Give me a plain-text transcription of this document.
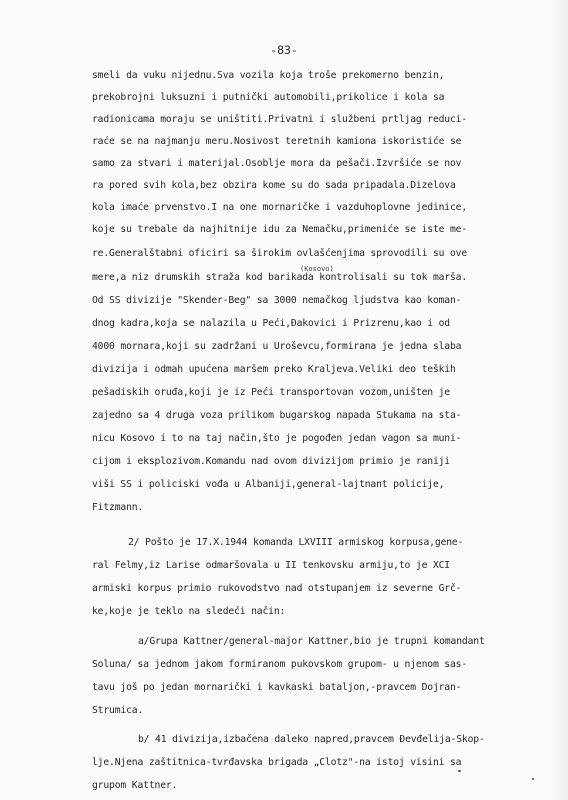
-83-
(Kosovo)
smeli da vuku nijednu.Sva vozila koja troše prekomerno benzin,
prekobrojni luksuzni i putnički automobili,prikolice i kola sa
radionicama moraju se uništiti.Privatni i službeni prtljag reduci-
raće se na najmanju meru.Nosivost teretnih kamiona iskoristiće se
samo za stvari i materijal.Osoblje mora da pešači.Izvršiće se nov
ra pored svih kola,bez obzira kome su do sada pripadala.Dizelova
kola imaće prvenstvo.I na one mornaričke i vazduhoplovne jedinice,
koje su trebale da najhitnije idu za Nemačku,primeniće se iste me-
re.Generalštabni oficiri sa širokim ovlašćenjima sprovodili su ove
mere,a niz drumskih straža kod barikada kontrolisali su tok marša.
Od SS divizije "Skender-Beg" sa 3000 nemačkog ljudstva kao koman-
dnog kadra,koja se nalazila u Peći,Đakovici i Prizrenu,kao i od
4000 mornara,koji su zadržani u Uroševcu,formirana je jedna slaba
divizija i odmah upućena maršem preko Kraljeva.Veliki deo teških
pešadiskih oruđa,koji je iz Peći transportovan vozom,uništen je
zajedno sa 4 druga voza prilikom bugarskog napada Štukama na sta-
nicu Kosovo i to na taj način,što je pogođen jedan vagon sa muni-
cijom i eksplozivom.Komandu nad ovom divizijom primio je raniji
viši SS i policiski vođa u Albaniji,general-lajtnant policije,
Fitzmann.
2/ Pošto je 17.X.1944 komanda LXVIII armiskog korpusa,gene-
ral Felmy,iz Larise odmaršovala u II tenkovsku armiju,to je XCI
armiski korpus primio rukovodstvo nad otstupanjem iz severne Grč-
ke,koje je teklo na sledeći način:
a/Grupa Kattner/general-major Kattner,bio je trupni komandant
Soluna/ sa jednom jakom formiranom pukovskom grupom- u njenom sas-
tavu još po jedan mornarički i kavkaski bataljon,-pravcem Dojran-
Strumica.
b/ 41 divizija,izbačena daleko napred,pravcem Đevđelija-Skop-
lje.Njena zaštitnica-tvrđavska brigada „Clotz"-na istoj visini sa
grupom Kattner.
